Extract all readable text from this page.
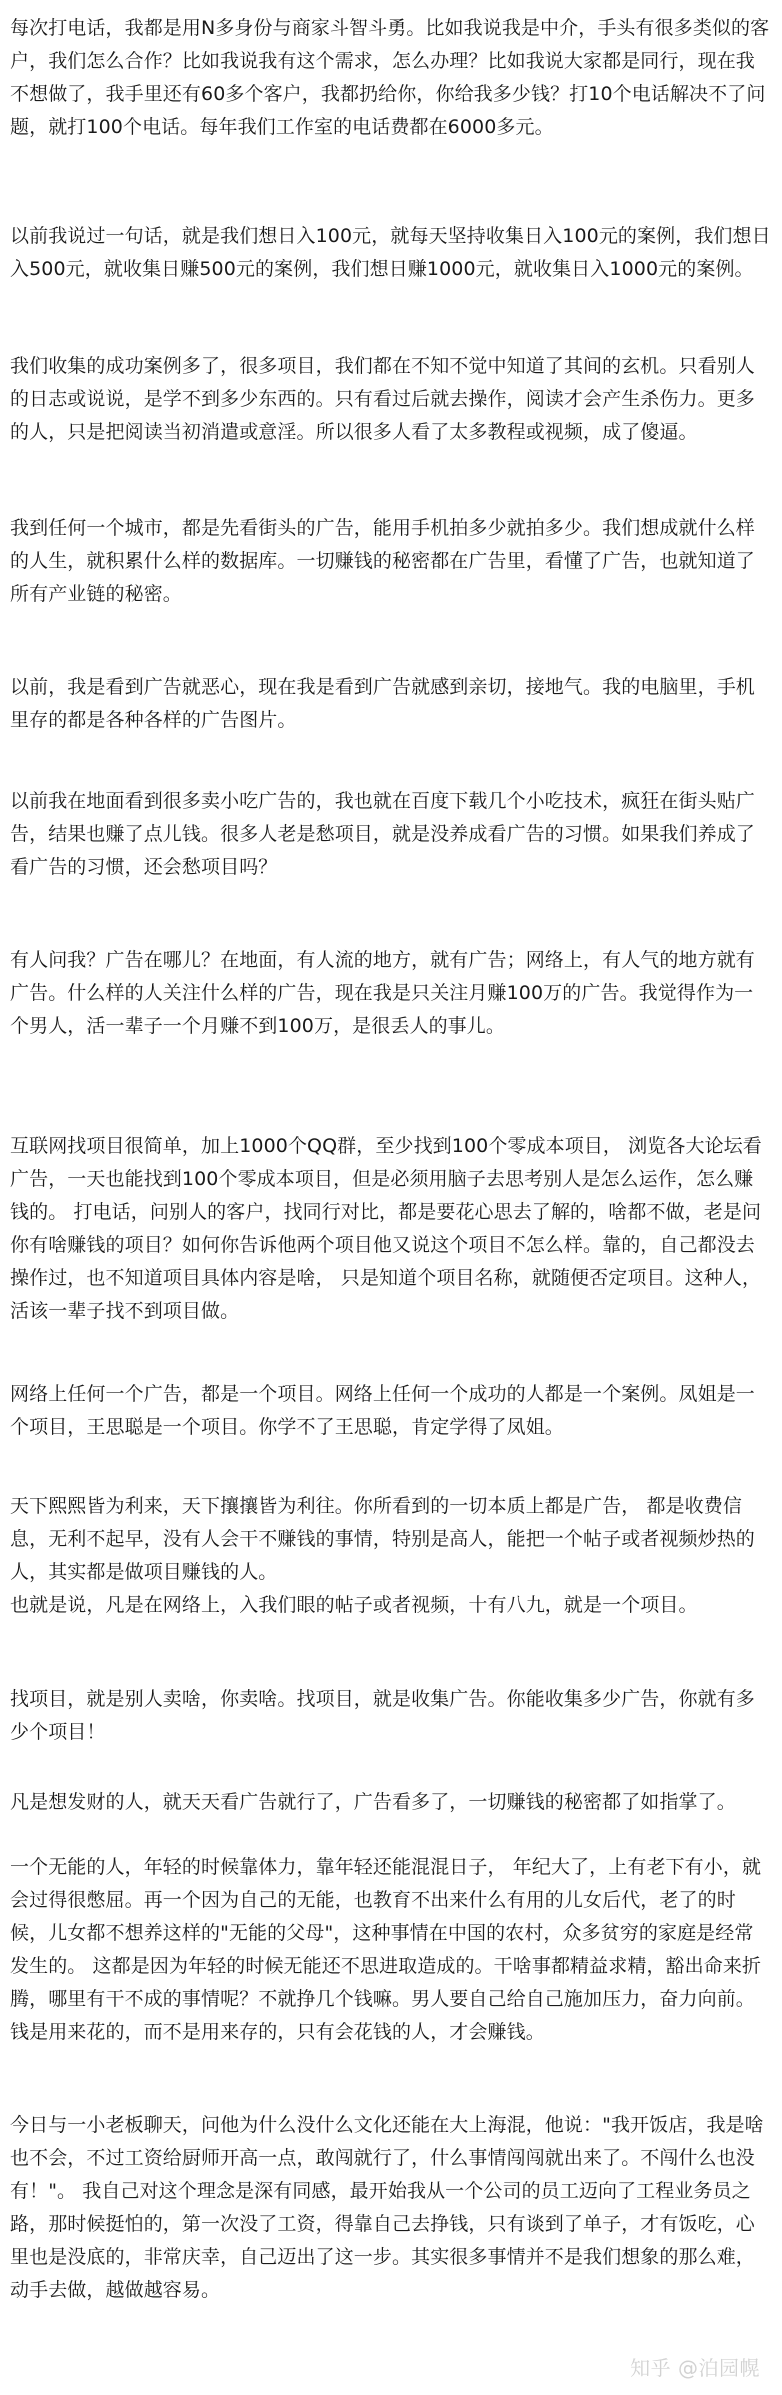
每次打电话，我都是用N多身份与商家斗智斗勇。比如我说我是中介，手头有很多类似的客户，我们怎么合作？比如我说我有这个需求，怎么办理？比如我说大家都是同行，现在我不想做了，我手里还有60多个客户，我都扔给你，你给我多少钱？打10个电话解决不了问题，就打100个电话。每年我们工作室的电话费都在6000多元。

以前我说过一句话，就是我们想日入100元，就每天坚持收集日入100元的案例，我们想日入500元，就收集日赚500元的案例，我们想日赚1000元，就收集日入1000元的案例。

我们收集的成功案例多了，很多项目，我们都在不知不觉中知道了其间的玄机。只看别人的日志或说说，是学不到多少东西的。只有看过后就去操作，阅读才会产生杀伤力。更多的人，只是把阅读当初消遣或意淫。所以很多人看了太多教程或视频，成了傻逼。

我到任何一个城市，都是先看街头的广告，能用手机拍多少就拍多少。我们想成就什么样的人生，就积累什么样的数据库。一切赚钱的秘密都在广告里，看懂了广告，也就知道了所有产业链的秘密。

以前，我是看到广告就恶心，现在我是看到广告就感到亲切，接地气。我的电脑里，手机里存的都是各种各样的广告图片。

以前我在地面看到很多卖小吃广告的，我也就在百度下载几个小吃技术，疯狂在街头贴广告，结果也赚了点儿钱。很多人老是愁项目，就是没养成看广告的习惯。如果我们养成了看广告的习惯，还会愁项目吗？

有人问我？广告在哪儿？在地面，有人流的地方，就有广告；网络上，有人气的地方就有广告。什么样的人关注什么样的广告，现在我是只关注月赚100万的广告。我觉得作为一个男人，活一辈子一个月赚不到100万，是很丢人的事儿。

互联网找项目很简单，加上1000个QQ群，至少找到100个零成本项目， 浏览各大论坛看广告，一天也能找到100个零成本项目，但是必须用脑子去思考别人是怎么运作，怎么赚钱的。 打电话，问别人的客户，找同行对比，都是要花心思去了解的，啥都不做，老是问你有啥赚钱的项目？如何你告诉他两个项目他又说这个项目不怎么样。靠的，自己都没去操作过，也不知道项目具体内容是啥， 只是知道个项目名称，就随便否定项目。这种人，活该一辈子找不到项目做。

网络上任何一个广告，都是一个项目。网络上任何一个成功的人都是一个案例。凤姐是一个项目，王思聪是一个项目。你学不了王思聪，肯定学得了凤姐。

天下熙熙皆为利来，天下攘攘皆为利往。你所看到的一切本质上都是广告， 都是收费信息，无利不起早，没有人会干不赚钱的事情，特别是高人，能把一个帖子或者视频炒热的人，其实都是做项目赚钱的人。
也就是说，凡是在网络上，入我们眼的帖子或者视频，十有八九，就是一个项目。

找项目，就是别人卖啥，你卖啥。找项目，就是收集广告。你能收集多少广告，你就有多少个项目！

凡是想发财的人，就天天看广告就行了，广告看多了，一切赚钱的秘密都了如指掌了。

一个无能的人，年轻的时候靠体力，靠年轻还能混混日子， 年纪大了，上有老下有小，就会过得很憋屈。再一个因为自己的无能，也教育不出来什么有用的儿女后代，老了的时候，儿女都不想养这样的"无能的父母"，这种事情在中国的农村，众多贫穷的家庭是经常发生的。 这都是因为年轻的时候无能还不思进取造成的。干啥事都精益求精，豁出命来折腾，哪里有干不成的事情呢？不就挣几个钱嘛。男人要自己给自己施加压力，奋力向前。钱是用来花的，而不是用来存的，只有会花钱的人，才会赚钱。

今日与一小老板聊天，问他为什么没什么文化还能在大上海混，他说："我开饭店，我是啥也不会，不过工资给厨师开高一点，敢闯就行了，什么事情闯闯就出来了。不闯什么也没有！"。 我自己对这个理念是深有同感，最开始我从一个公司的员工迈向了工程业务员之路，那时候挺怕的，第一次没了工资，得靠自己去挣钱，只有谈到了单子，才有饭吃，心里也是没底的，非常庆幸，自己迈出了这一步。其实很多事情并不是我们想象的那么难，动手去做，越做越容易。

知乎 @泊园幌
